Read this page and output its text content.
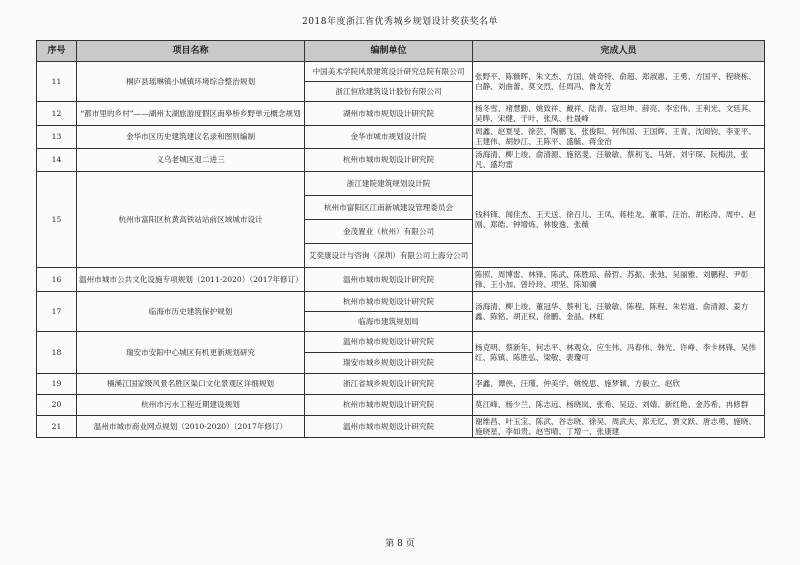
2018年度浙江省优秀城乡规划设计奖获奖名单
序号	项目名称	编制单位	完成人员
11	桐庐县瑶琳镇小城镇环境综合整治规划	中国美术学院风景建筑设计研究总院有限公司	张野平、陈薇晖、朱文杰、方国、姚奇特、俞超、郑淑惠、王勇、方国平、程晓栋、白静、刘曲蕾、莫文烈、任周冯、鲁友芳
		浙江恒欣建筑设计股份有限公司	
12	“都市里的乡村”——湖州太湖旅游度假区南皋桥乡野单元概念规划	湖州市城市规划设计研究院	杨冬雪、褚慧勤、姚致祥、戴祥、陆青、寇坦坤、薛亮、李宏伟、王利光、文廷其、吴晔、宋健、于叶、张凤、杜晟峰
13	金华市区历史建筑建议名录和图则编制	金华市城市规划设计院	周鑫、赵夏旻、徐芸、陶鹏飞、张俊阳、何伟国、王国辉、王青、沈阅钧、李亚平、王建伟、胡妙江、王陈平、盛毓、蒋金治
14	义乌老城区退二进三	杭州市城市规划设计研究院	汤海清、柳上竣、俞清源、施铭斐、汪敏敏、蔡利飞、马妍、刘宇琛、阮梅洪、张凡、盛均雷
15	杭州市富阳区杭黄高铁站站前区域城市设计	浙江建院建筑规划设计院	钱科锋、闻佳杰、王天送、徐召儿、王凤、蒋桂龙、董霏、汪治、胡松涛、周中、赵刚、郑皓、钟增炼、林俊逸、张薇
		杭州市富阳区江南新城建设管理委员会	
		金茂置业（杭州）有限公司	
		艾奕康设计与咨询（深圳）有限公司上海分公司	
16	温州市城市公共文化设施专项规划（2011-2020）（2017年修订）	温州市城市规划设计研究院	陈照、周博雷、林锋、陈武、陈胜琼、薛哲、苏振、张弛、吴丽雅、刘鹏程、尹彰锋、王小加、曾玲玲、项坚、陈知骥
17	临海市历史建筑保护规划	杭州市城市规划设计研究院	汤海清、柳上竣、董冠华、蔡利飞、汪敏敏、陈程、陈程、朱岩道、俞清源、姜方鑫、陈铭、胡正权、徐鹏、金晶、林虹
		临海市建筑规划局	
18	瑞安市安阳中心城区有机更新规划研究	温州市城市规划设计研究院	杨克明、蔡新年、何志平、林观众、应生伟、冯春伟、韩光、许峥、李卡林锋、吴伟红、陈镇、陈胜弘、梁敬、裴瓊可
		瑞安市城乡规划设计研究院	
19	楠溪江国家级风景名胜区渠口文化景观区详细规划	浙江省城乡规划设计研究院	李鑫、谭侠、汪瑾、仲美学、姚悦思、施梦颖、方毅立、赵欣
20	杭州市污水工程近期建设规划	杭州市城市规划设计研究院	莫江峰、杨少兰、陈志远、杨晓岚、张希、吴迈、刘婧、新红艳、金苏希、冉修群
21	温州市城市商业网点规划（2010-2020）（2017年修订）	温州市城市规划设计研究院	谢维昌、叶玉宝、陈武、谷志晓、徐吴、周武夫、郑无忆、贾文跃、唐志勇、施晓、施晓星、李如贵、赵雪晴、丁增一、张康建
第 8 页
